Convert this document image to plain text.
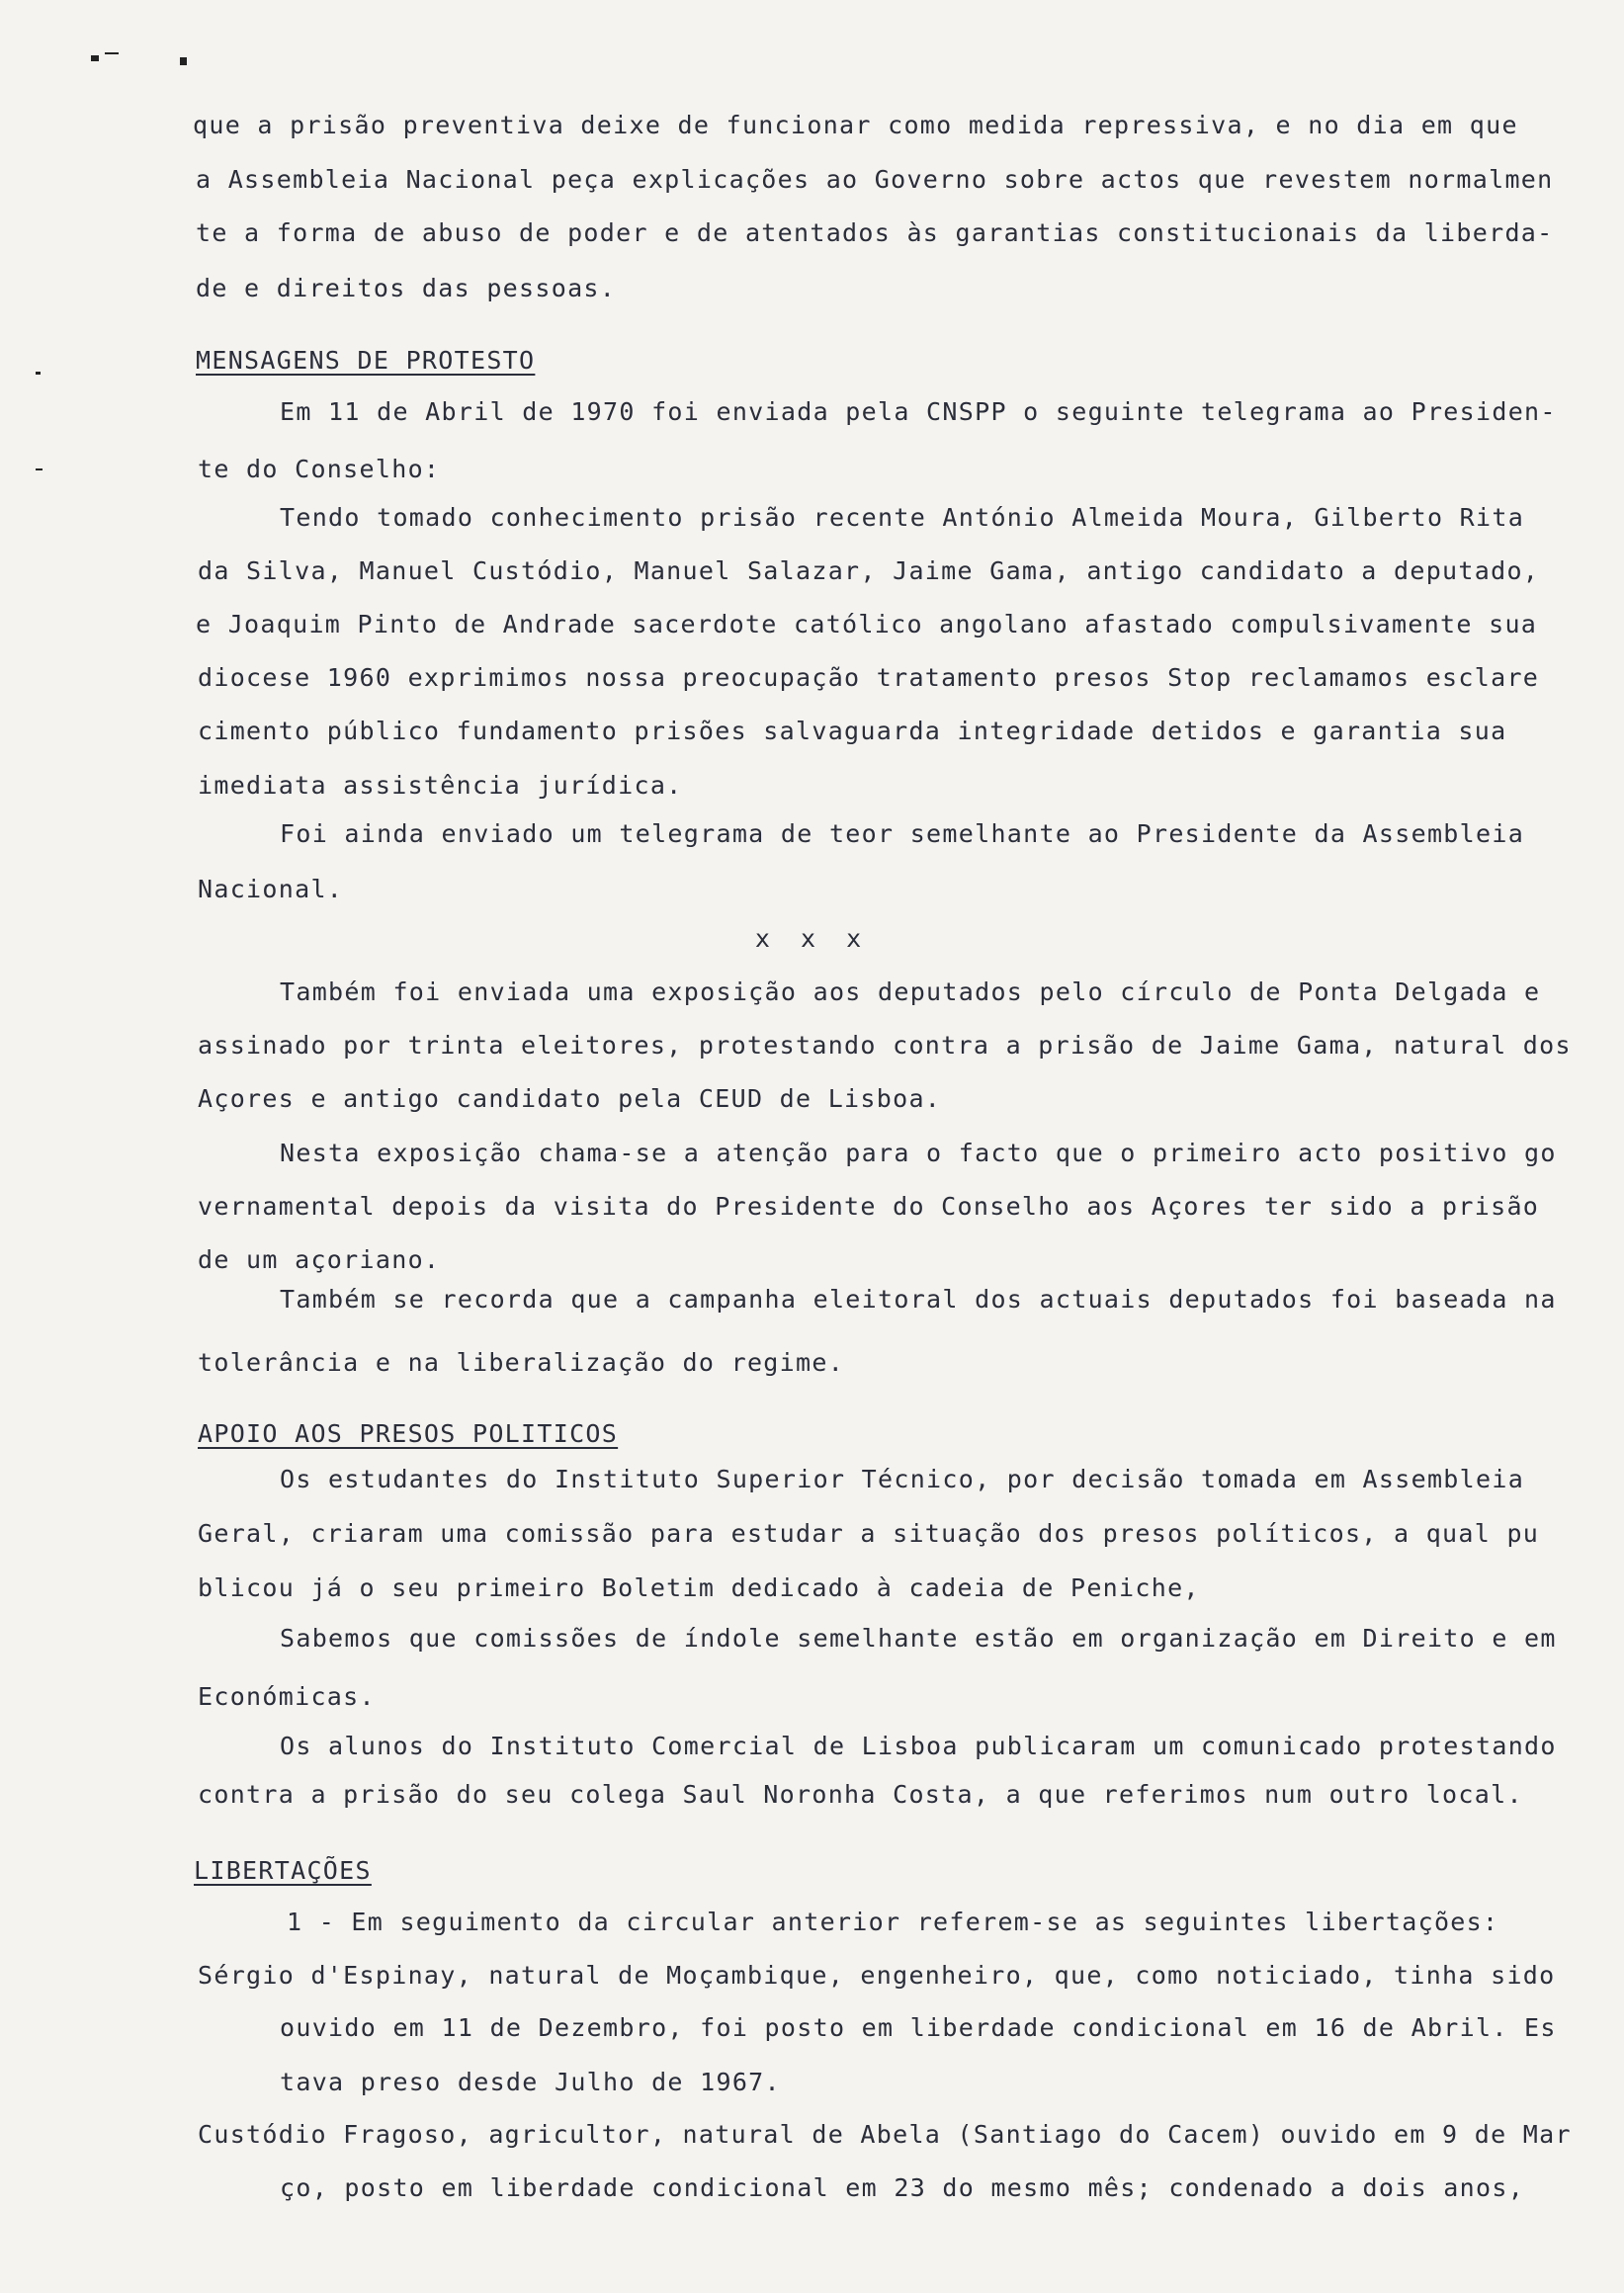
que a prisão preventiva deixe de funcionar como medida repressiva, e no dia em que
a Assembleia Nacional peça explicações ao Governo sobre actos que revestem normalmen
te a forma de abuso de poder e de atentados às garantias constitucionais da liberda-
de e direitos das pessoas.
MENSAGENS DE PROTESTO
Em 11 de Abril de 1970 foi enviada pela CNSPP o seguinte telegrama ao Presiden-
te do Conselho:
Tendo tomado conhecimento prisão recente António Almeida Moura, Gilberto Rita
da Silva, Manuel Custódio, Manuel Salazar, Jaime Gama, antigo candidato a deputado,
e Joaquim Pinto de Andrade sacerdote católico angolano afastado compulsivamente sua
diocese 1960 exprimimos nossa preocupação tratamento presos Stop reclamamos esclare
cimento público fundamento prisões salvaguarda integridade detidos e garantia sua
imediata assistência jurídica.
Foi ainda enviado um telegrama de teor semelhante ao Presidente da Assembleia
Nacional.
x x x
Também foi enviada uma exposição aos deputados pelo círculo de Ponta Delgada e
assinado por trinta eleitores, protestando contra a prisão de Jaime Gama, natural dos
Açores e antigo candidato pela CEUD de Lisboa.
Nesta exposição chama-se a atenção para o facto que o primeiro acto positivo go
vernamental depois da visita do Presidente do Conselho aos Açores ter sido a prisão
de um açoriano.
Também se recorda que a campanha eleitoral dos actuais deputados foi baseada na
tolerância e na liberalização do regime.
APOIO AOS PRESOS POLITICOS
Os estudantes do Instituto Superior Técnico, por decisão tomada em Assembleia
Geral, criaram uma comissão para estudar a situação dos presos políticos, a qual pu
blicou já o seu primeiro Boletim dedicado à cadeia de Peniche,
Sabemos que comissões de índole semelhante estão em organização em Direito e em
Económicas.
Os alunos do Instituto Comercial de Lisboa publicaram um comunicado protestando
contra a prisão do seu colega Saul Noronha Costa, a que referimos num outro local.
LIBERTAÇÕES
1 - Em seguimento da circular anterior referem-se as seguintes libertações:
Sérgio d'Espinay, natural de Moçambique, engenheiro, que, como noticiado, tinha sido
ouvido em 11 de Dezembro, foi posto em liberdade condicional em 16 de Abril. Es
tava preso desde Julho de 1967.
Custódio Fragoso, agricultor, natural de Abela (Santiago do Cacem) ouvido em 9 de Mar
ço, posto em liberdade condicional em 23 do mesmo mês; condenado a dois anos,
